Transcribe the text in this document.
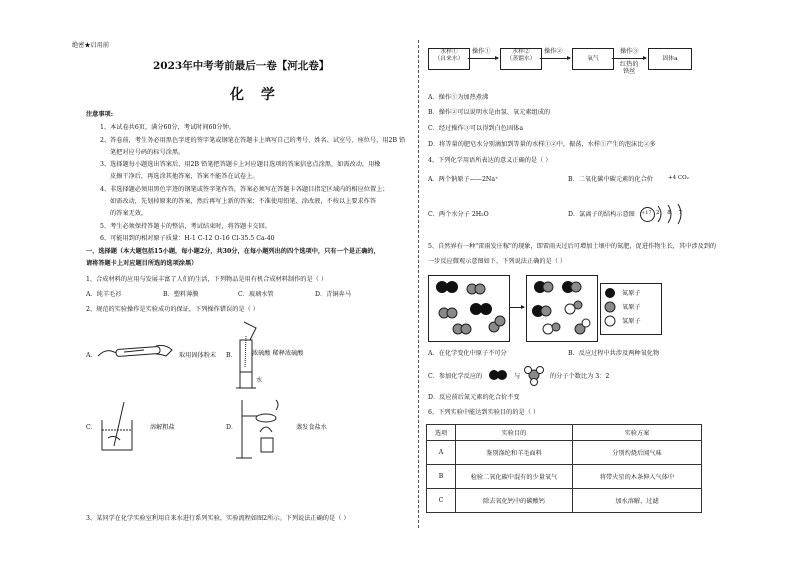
绝密★启用前
2023年中考考前最后一卷【河北卷】
化 学
注意事项:
1、本试卷共6页，满分60分，考试时间60分钟。
2、答卷前，考生务必用黑色字迹的签字笔或钢笔在答题卡上填写自己的考号、姓名、试室号、座位号，用2B 铅
笔把对应号码的标号涂黑。
3、选择题每小题选出答案后，用2B 铅笔把答题卡上对应题目选项的答案信息点涂黑，如需改动，用橡
皮擦干净后，再选涂其他答案，答案不能答在试卷上。
4、非选择题必须用黑色字迹的钢笔或签字笔作答，答案必须写在答题卡各题目指定区域内的相应位置上；
如需改动，先划掉原来的答案，然后再写上新的答案；不准使用铅笔、涂改液，不按以上要求作答
的答案无效。
5、考生必须保持答题卡的整洁，考试结束时，将答题卡交回。
6、可能用到的相对原子质量：H-1 C-12 O-16 Cl-35.5 Ca-40
一、选择题（本大题包括15小题，每小题2分，共30分，在每小题列出的四个选项中，只有一个是正确的，
请将答题卡上对应题目所选的选项涂黑）
1、合成材料的应用与发展丰富了人们的生活，下列物品是用有机合成材料制作的是（ ）
A．纯羊毛衫	B．塑料薄膜	C．玻璃水管	D．青铜奔马
2、规范的实验操作是实验成功的保证，下列操作错误的是（ ）
A．	取用固体粉末 B． 浓硫酸 稀释浓硫酸
水
C．	溶解粗盐	D．	蒸发食盐水
3、某同学在化学实验室利用自来水进行系列实验，实验流程如图2所示。下列说法正确的是（ ）
水样①
（自来水）
操作①	水样②
（蒸馏水）
操作②
氧气
操作③
红热的
铁丝
固体a
A．操作①为加热煮沸
B．操作②可以说明水是由氢、氧元素组成的
C．经过操作③可以得到白色固体a
D．将等量的肥皂水分别滴加到等量的水样①②中，振荡，水样①产生的泡沫比②多
4、下列化学用语所表达的意义正确的是（ ）
A．两个钠原子——2Na⁺	B．二氧化碳中碳元素的化合价	+4 CO₂
C．两个水分子 2H₂O	D．氯离子的结构示意图 +17 2 8 7
5、自然界有一种"雷雨发庄稼"的现象，即雷雨天过后可增加土壤中的氮肥，促进作物生长，其中涉及到的
一步反应微观示意图如下，下列说法正确的是（ ）
氮原子
氧原子
氢原子
A．在化学变化中原子不可分	B．反应过程中共涉及两种氧化物
C．参加化学反应的	与	的分子个数比为 3：2
D．反应前后氮元素的化合价不变
6、下列实验中能达到实验目的的是（ ）
选项	实验目的	实验方案
A	鉴别涤纶和羊毛面料	分别灼烧后闻气味
B	检验二氧化碳中混有的少量氧气	将带火星的木条伸入气体中
C	除去氧化钙中的碳酸钙	加水溶解，过滤
